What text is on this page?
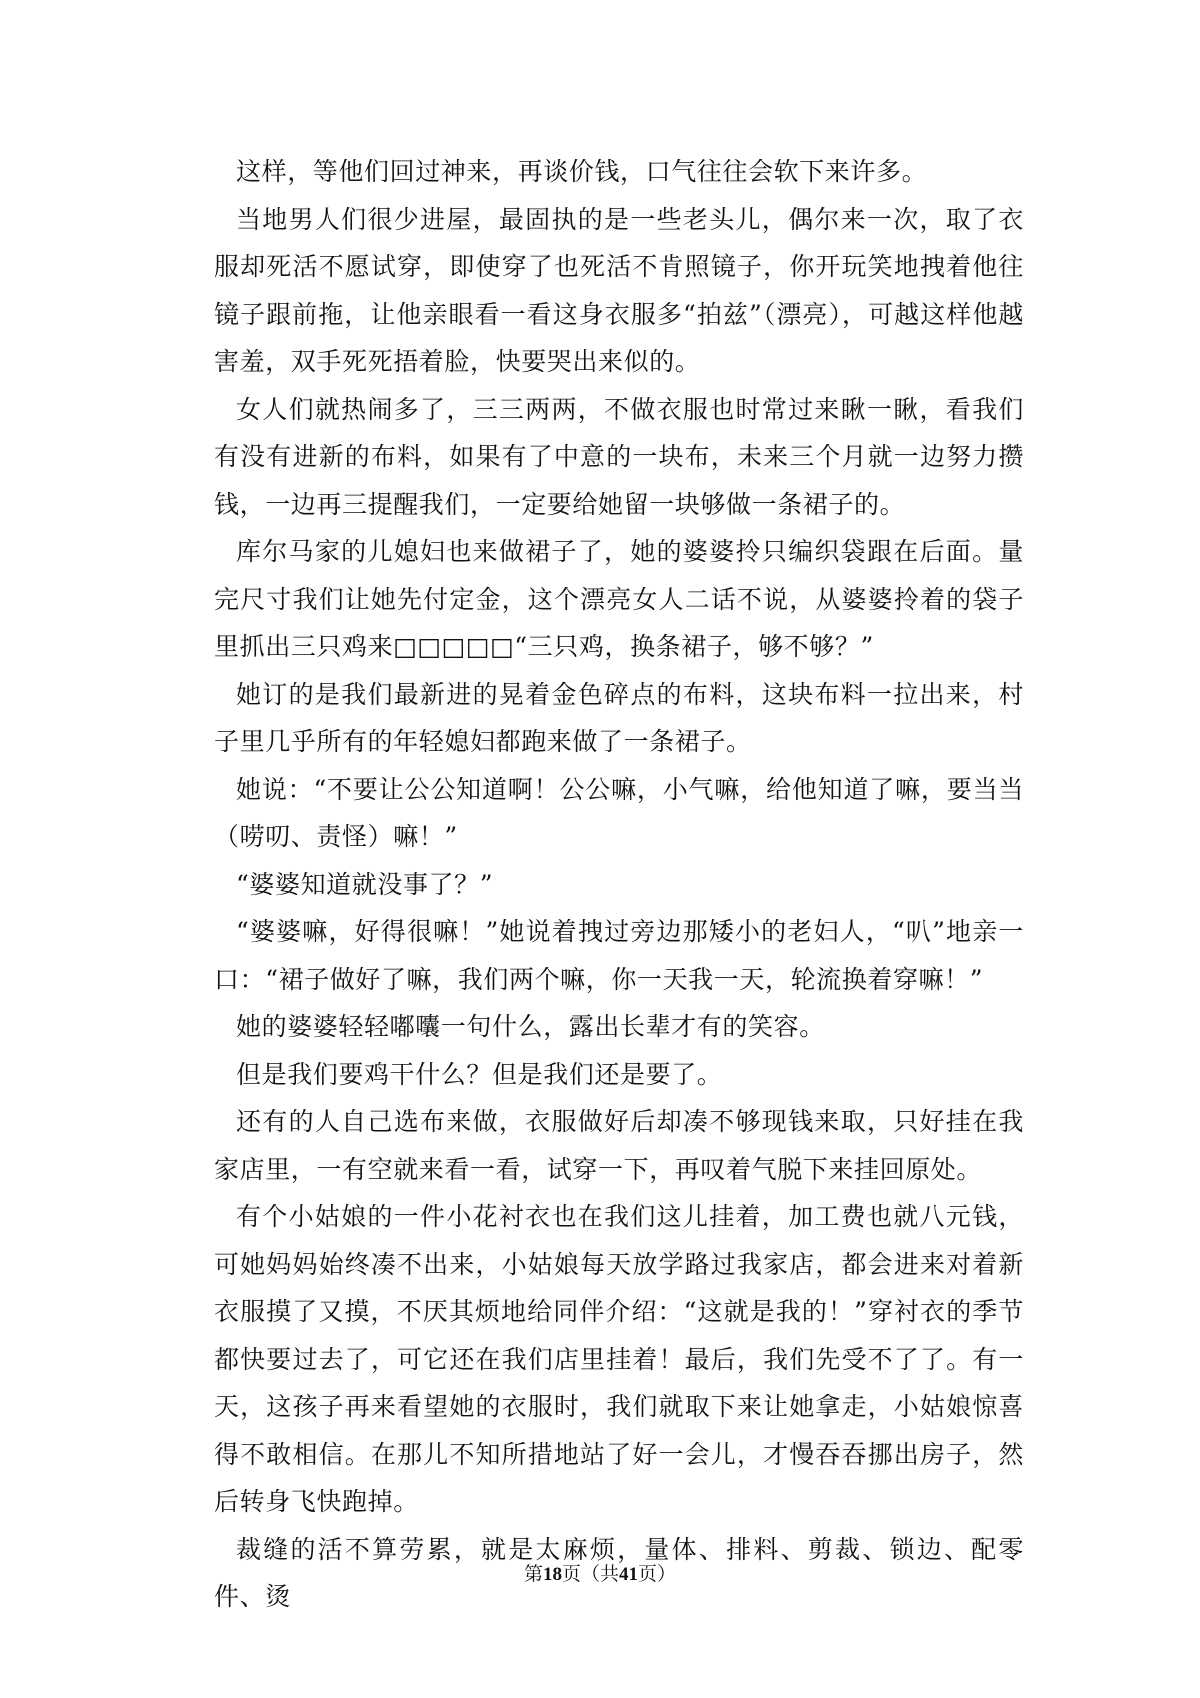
这样，等他们回过神来，再谈价钱，口气往往会软下来许多。

当地男人们很少进屋，最固执的是一些老头儿，偶尔来一次，取了衣服却死活不愿试穿，即使穿了也死活不肯照镜子，你开玩笑地拽着他往镜子跟前拖，让他亲眼看一看这身衣服多“拍兹”（漂亮），可越这样他越害羞，双手死死捂着脸，快要哭出来似的。

女人们就热闹多了，三三两两，不做衣服也时常过来瞅一瞅，看我们有没有进新的布料，如果有了中意的一块布，未来三个月就一边努力攒钱，一边再三提醒我们，一定要给她留一块够做一条裙子的。

库尔马家的儿媳妇也来做裙子了，她的婆婆拎只编织袋跟在后面。量完尺寸我们让她先付定金，这个漂亮女人二话不说，从婆婆拎着的袋子里抓出三只鸡来□□□□□“三只鸡，换条裙子，够不够？”

她订的是我们最新进的晃着金色碎点的布料，这块布料一拉出来，村子里几乎所有的年轻媳妇都跑来做了一条裙子。

她说：“不要让公公知道啊！公公嘛，小气嘛，给他知道了嘛，要当当（唠叨、责怪）嘛！”

“婆婆知道就没事了？”

“婆婆嘛，好得很嘛！”她说着拽过旁边那矮小的老妇人，“叭”地亲一口：“裙子做好了嘛，我们两个嘛，你一天我一天，轮流换着穿嘛！”

她的婆婆轻轻嘟囔一句什么，露出长辈才有的笑容。

但是我们要鸡干什么？但是我们还是要了。

还有的人自己选布来做，衣服做好后却凑不够现钱来取，只好挂在我家店里，一有空就来看一看，试穿一下，再叹着气脱下来挂回原处。

有个小姑娘的一件小花衬衣也在我们这儿挂着，加工费也就八元钱，可她妈妈始终凑不出来，小姑娘每天放学路过我家店，都会进来对着新衣服摸了又摸，不厌其烦地给同伴介绍：“这就是我的！”穿衬衣的季节都快要过去了，可它还在我们店里挂着！最后，我们先受不了了。有一天，这孩子再来看望她的衣服时，我们就取下来让她拿走，小姑娘惊喜得不敢相信。在那儿不知所措地站了好一会儿，才慢吞吞挪出房子，然后转身飞快跑掉。

裁缝的活不算劳累，就是太麻烦，量体、排料、剪裁、锁边、配零件、烫

第18页（共41页）
